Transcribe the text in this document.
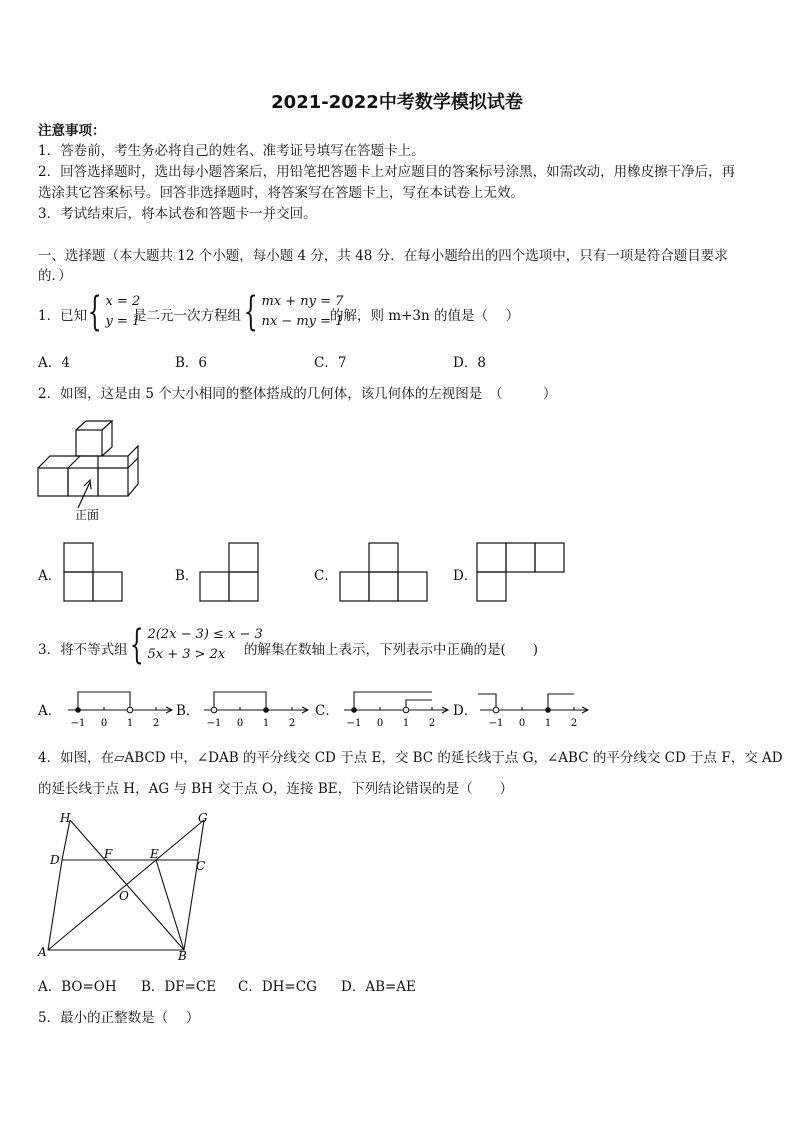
2021-2022中考数学模拟试卷
注意事项：
1．答卷前，考生务必将自己的姓名、准考证号填写在答题卡上。
2．回答选择题时，选出每小题答案后，用铅笔把答题卡上对应题目的答案标号涂黑，如需改动，用橡皮擦干净后，再
选涂其它答案标号。回答非选择题时，将答案写在答题卡上，写在本试卷上无效。
3．考试结束后，将本试卷和答题卡一并交回。
一、选择题（本大题共 12 个小题，每小题 4 分，共 48 分．在每小题给出的四个选项中，只有一项是符合题目要求
的．）
1．已知 { x = 2
y = 1
是二元一次方程组 { mx + ny = 7
nx − my = 1
的解，则 m+3n 的值是（　 ）
A．4	B．6	C．7	D．8
2．如图，这是由 5 个大小相同的整体搭成的几何体，该几何体的左视图是　（　　　）
正面
A．	B．	C．	D．
3．将不等式组 { 2(2x − 3) ≤ x − 3
5x + 3 > 2x	的解集在数轴上表示，下列表示中正确的是(　　)
A．
−1 0 1 2
B．
−1 0 1 2
C．
−1 0 1 2
D．
−1 0 1 2
4．如图，在▱ABCD 中，∠DAB 的平分线交 CD 于点 E，交 BC 的延长线于点 G，∠ABC 的平分线交 CD 于点 F，交 AD
的延长线于点 H，AG 与 BH 交于点 O，连接 BE，下列结论错误的是（　　）
H	G
D	F	E
C
O
A	B
A．BO=OH B．DF=CE C．DH=CG D．AB=AE
5．最小的正整数是（　 ）
